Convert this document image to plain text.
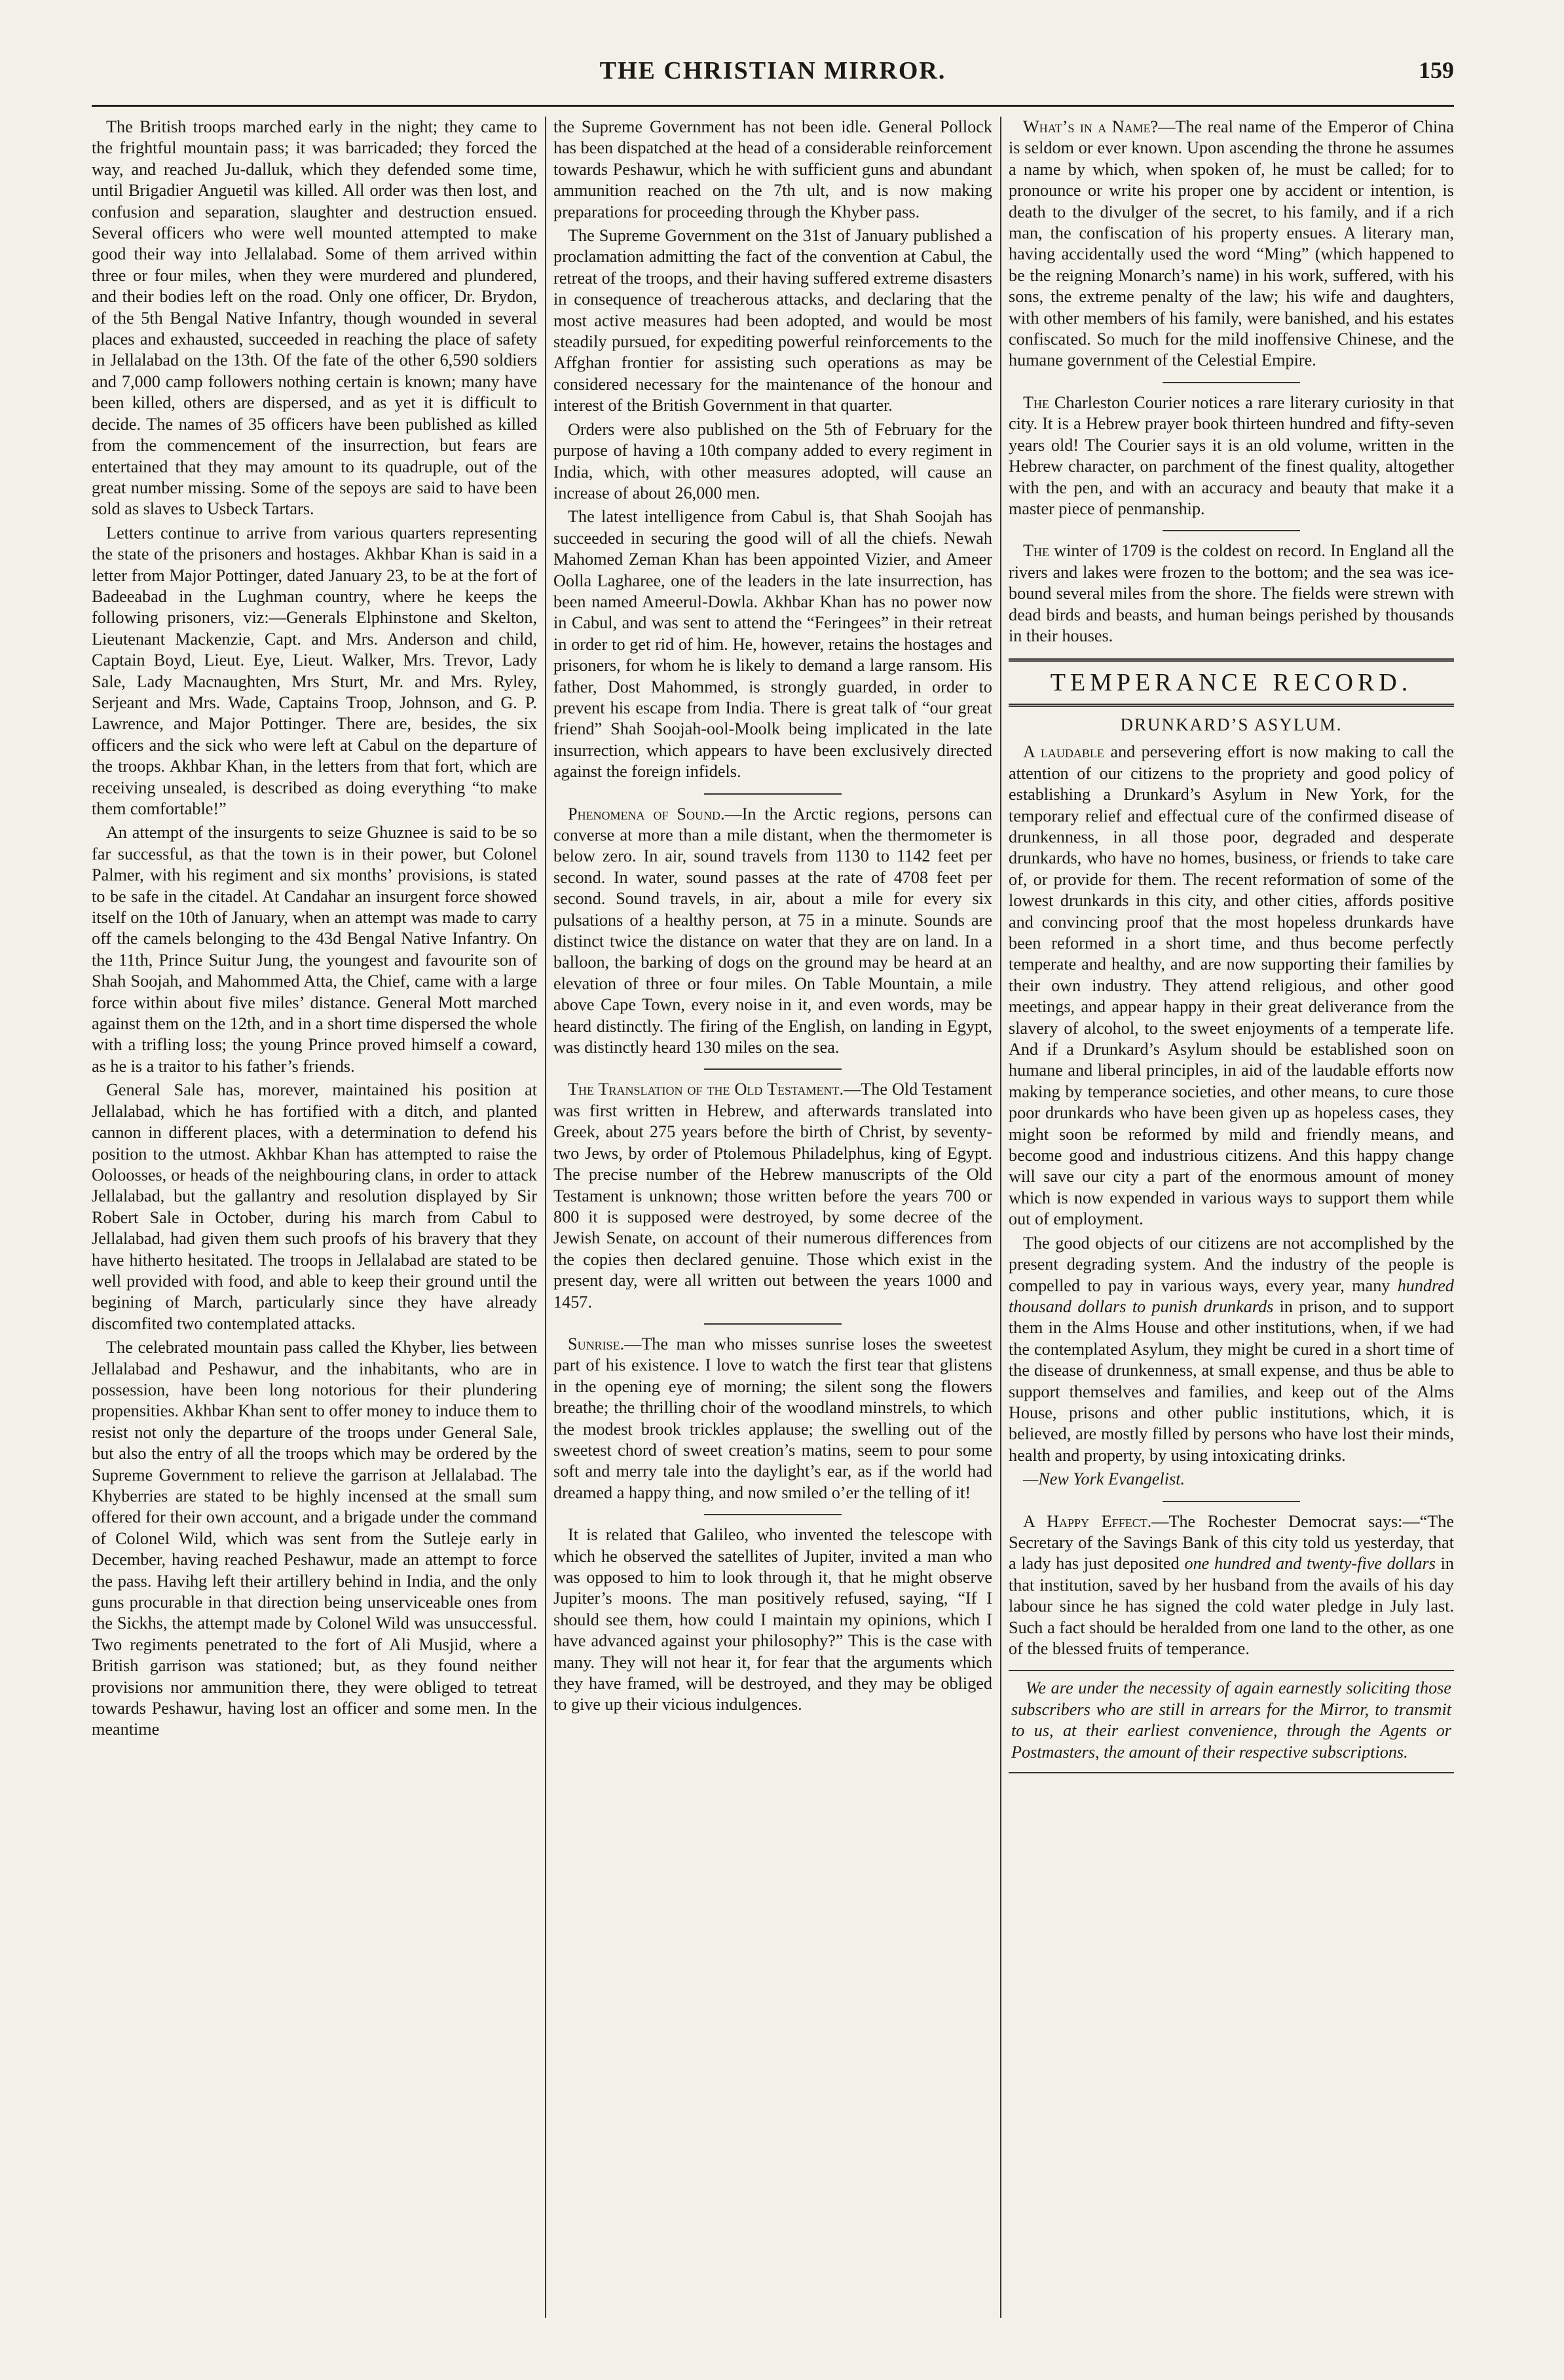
THE CHRISTIAN MIRROR.	159

The British troops marched early in the night; they came to the frightful mountain pass; it was barricaded; they forced the way, and reached Ju-dalluk, which they defended some time, until Brigadier Anguetil was killed. All order was then lost, and confusion and separation, slaughter and destruction ensued. Several officers who were well mounted attempted to make good their way into Jellalabad. Some of them arrived within three or four miles, when they were murdered and plundered, and their bodies left on the road. Only one officer, Dr. Brydon, of the 5th Bengal Native Infantry, though wounded in several places and exhausted, succeeded in reaching the place of safety in Jellalabad on the 13th. Of the fate of the other 6,590 soldiers and 7,000 camp followers nothing certain is known; many have been killed, others are dispersed, and as yet it is difficult to decide. The names of 35 officers have been published as killed from the commencement of the insurrection, but fears are entertained that they may amount to its quadruple, out of the great number missing. Some of the sepoys are said to have been sold as slaves to Usbeck Tartars.

Letters continue to arrive from various quarters representing the state of the prisoners and hostages. Akhbar Khan is said in a letter from Major Pottinger, dated January 23, to be at the fort of Badeeabad in the Lughman country, where he keeps the following prisoners, viz:—Generals Elphinstone and Skelton, Lieutenant Mackenzie, Capt. and Mrs. Anderson and child, Captain Boyd, Lieut. Eye, Lieut. Walker, Mrs. Trevor, Lady Sale, Lady Macnaughten, Mrs Sturt, Mr. and Mrs. Ryley, Serjeant and Mrs. Wade, Captains Troop, Johnson, and G. P. Lawrence, and Major Pottinger. There are, besides, the six officers and the sick who were left at Cabul on the departure of the troops. Akhbar Khan, in the letters from that fort, which are receiving unsealed, is described as doing everything “to make them comfortable!”

An attempt of the insurgents to seize Ghuznee is said to be so far successful, as that the town is in their power, but Colonel Palmer, with his regiment and six months’ provisions, is stated to be safe in the citadel. At Candahar an insurgent force showed itself on the 10th of January, when an attempt was made to carry off the camels belonging to the 43d Bengal Native Infantry. On the 11th, Prince Suitur Jung, the youngest and favourite son of Shah Soojah, and Mahommed Atta, the Chief, came with a large force within about five miles’ distance. General Mott marched against them on the 12th, and in a short time dispersed the whole with a trifling loss; the young Prince proved himself a coward, as he is a traitor to his father’s friends.

General Sale has, morever, maintained his position at Jellalabad, which he has fortified with a ditch, and planted cannon in different places, with a determination to defend his position to the utmost. Akhbar Khan has attempted to raise the Ooloosses, or heads of the neighbouring clans, in order to attack Jellalabad, but the gallantry and resolution displayed by Sir Robert Sale in October, during his march from Cabul to Jellalabad, had given them such proofs of his bravery that they have hitherto hesitated. The troops in Jellalabad are stated to be well provided with food, and able to keep their ground until the begining of March, particularly since they have already discomfited two contemplated attacks.

The celebrated mountain pass called the Khyber, lies between Jellalabad and Peshawur, and the inhabitants, who are in possession, have been long notorious for their plundering propensities. Akhbar Khan sent to offer money to induce them to resist not only the departure of the troops under General Sale, but also the entry of all the troops which may be ordered by the Supreme Government to relieve the garrison at Jellalabad. The Khyberries are stated to be highly incensed at the small sum offered for their own account, and a brigade under the command of Colonel Wild, which was sent from the Sutleje early in December, having reached Peshawur, made an attempt to force the pass. Havihg left their artillery behind in India, and the only guns procurable in that direction being unserviceable ones from the Sickhs, the attempt made by Colonel Wild was unsuccessful. Two regiments penetrated to the fort of Ali Musjid, where a British garrison was stationed; but, as they found neither provisions nor ammunition there, they were obliged to tetreat towards Peshawur, having lost an officer and some men. In the meantime

the Supreme Government has not been idle. General Pollock has been dispatched at the head of a considerable reinforcement towards Peshawur, which he with sufficient guns and abundant ammunition reached on the 7th ult, and is now making preparations for proceeding through the Khyber pass.

The Supreme Government on the 31st of January published a proclamation admitting the fact of the convention at Cabul, the retreat of the troops, and their having suffered extreme disasters in consequence of treacherous attacks, and declaring that the most active measures had been adopted, and would be most steadily pursued, for expediting powerful reinforcements to the Affghan frontier for assisting such operations as may be considered necessary for the maintenance of the honour and interest of the British Government in that quarter.

Orders were also published on the 5th of February for the purpose of having a 10th company added to every regiment in India, which, with other measures adopted, will cause an increase of about 26,000 men.

The latest intelligence from Cabul is, that Shah Soojah has succeeded in securing the good will of all the chiefs. Newah Mahomed Zeman Khan has been appointed Vizier, and Ameer Oolla Lagharee, one of the leaders in the late insurrection, has been named Ameerul-Dowla. Akhbar Khan has no power now in Cabul, and was sent to attend the “Feringees” in their retreat in order to get rid of him. He, however, retains the hostages and prisoners, for whom he is likely to demand a large ransom. His father, Dost Mahommed, is strongly guarded, in order to prevent his escape from India. There is great talk of “our great friend” Shah Soojah-ool-Moolk being implicated in the late insurrection, which appears to have been exclusively directed against the foreign infidels.

Phenomena of Sound.—In the Arctic regions, persons can converse at more than a mile distant, when the thermometer is below zero. In air, sound travels from 1130 to 1142 feet per second. In water, sound passes at the rate of 4708 feet per second. Sound travels, in air, about a mile for every six pulsations of a healthy person, at 75 in a minute. Sounds are distinct twice the distance on water that they are on land. In a balloon, the barking of dogs on the ground may be heard at an elevation of three or four miles. On Table Mountain, a mile above Cape Town, every noise in it, and even words, may be heard distinctly. The firing of the English, on landing in Egypt, was distinctly heard 130 miles on the sea.

The Translation of the Old Testament.—The Old Testament was first written in Hebrew, and afterwards translated into Greek, about 275 years before the birth of Christ, by seventy-two Jews, by order of Ptolemous Philadelphus, king of Egypt. The precise number of the Hebrew manuscripts of the Old Testament is unknown; those written before the years 700 or 800 it is supposed were destroyed, by some decree of the Jewish Senate, on account of their numerous differences from the copies then declared genuine. Those which exist in the present day, were all written out between the years 1000 and 1457.

Sunrise.—The man who misses sunrise loses the sweetest part of his existence. I love to watch the first tear that glistens in the opening eye of morning; the silent song the flowers breathe; the thrilling choir of the woodland minstrels, to which the modest brook trickles applause; the swelling out of the sweetest chord of sweet creation’s matins, seem to pour some soft and merry tale into the daylight’s ear, as if the world had dreamed a happy thing, and now smiled o’er the telling of it!

It is related that Galileo, who invented the telescope with which he observed the satellites of Jupiter, invited a man who was opposed to him to look through it, that he might observe Jupiter’s moons. The man positively refused, saying, “If I should see them, how could I maintain my opinions, which I have advanced against your philosophy?” This is the case with many. They will not hear it, for fear that the arguments which they have framed, will be destroyed, and they may be obliged to give up their vicious indulgences.

What’s in a Name?—The real name of the Emperor of China is seldom or ever known. Upon ascending the throne he assumes a name by which, when spoken of, he must be called; for to pronounce or write his proper one by accident or intention, is death to the divulger of the secret, to his family, and if a rich man, the confiscation of his property ensues. A literary man, having accidentally used the word “Ming” (which happened to be the reigning Monarch’s name) in his work, suffered, with his sons, the extreme penalty of the law; his wife and daughters, with other members of his family, were banished, and his estates confiscated. So much for the mild inoffensive Chinese, and the humane government of the Celestial Empire.

The Charleston Courier notices a rare literary curiosity in that city. It is a Hebrew prayer book thirteen hundred and fifty-seven years old! The Courier says it is an old volume, written in the Hebrew character, on parchment of the finest quality, altogether with the pen, and with an accuracy and beauty that make it a master piece of penmanship.

The winter of 1709 is the coldest on record. In England all the rivers and lakes were frozen to the bottom; and the sea was ice-bound several miles from the shore. The fields were strewn with dead birds and beasts, and human beings perished by thousands in their houses.

TEMPERANCE RECORD.
DRUNKARD’S ASYLUM.

A laudable and persevering effort is now making to call the attention of our citizens to the propriety and good policy of establishing a Drunkard’s Asylum in New York, for the temporary relief and effectual cure of the confirmed disease of drunkenness, in all those poor, degraded and desperate drunkards, who have no homes, business, or friends to take care of, or provide for them. The recent reformation of some of the lowest drunkards in this city, and other cities, affords positive and convincing proof that the most hopeless drunkards have been reformed in a short time, and thus become perfectly temperate and healthy, and are now supporting their families by their own industry. They attend religious, and other good meetings, and appear happy in their great deliverance from the slavery of alcohol, to the sweet enjoyments of a temperate life. And if a Drunkard’s Asylum should be established soon on humane and liberal principles, in aid of the laudable efforts now making by temperance societies, and other means, to cure those poor drunkards who have been given up as hopeless cases, they might soon be reformed by mild and friendly means, and become good and industrious citizens. And this happy change will save our city a part of the enormous amount of money which is now expended in various ways to support them while out of employment.

The good objects of our citizens are not accomplished by the present degrading system. And the industry of the people is compelled to pay in various ways, every year, many hundred thousand dollars to punish drunkards in prison, and to support them in the Alms House and other institutions, when, if we had the contemplated Asylum, they might be cured in a short time of the disease of drunkenness, at small expense, and thus be able to support themselves and families, and keep out of the Alms House, prisons and other public institutions, which, it is believed, are mostly filled by persons who have lost their minds, health and property, by using intoxicating drinks.

—New York Evangelist.

A Happy Effect.—The Rochester Democrat says:—“The Secretary of the Savings Bank of this city told us yesterday, that a lady has just deposited one hundred and twenty-five dollars in that institution, saved by her husband from the avails of his day labour since he has signed the cold water pledge in July last. Such a fact should be heralded from one land to the other, as one of the blessed fruits of temperance.

We are under the necessity of again earnestly soliciting those subscribers who are still in arrears for the Mirror, to transmit to us, at their earliest convenience, through the Agents or Postmasters, the amount of their respective subscriptions.
